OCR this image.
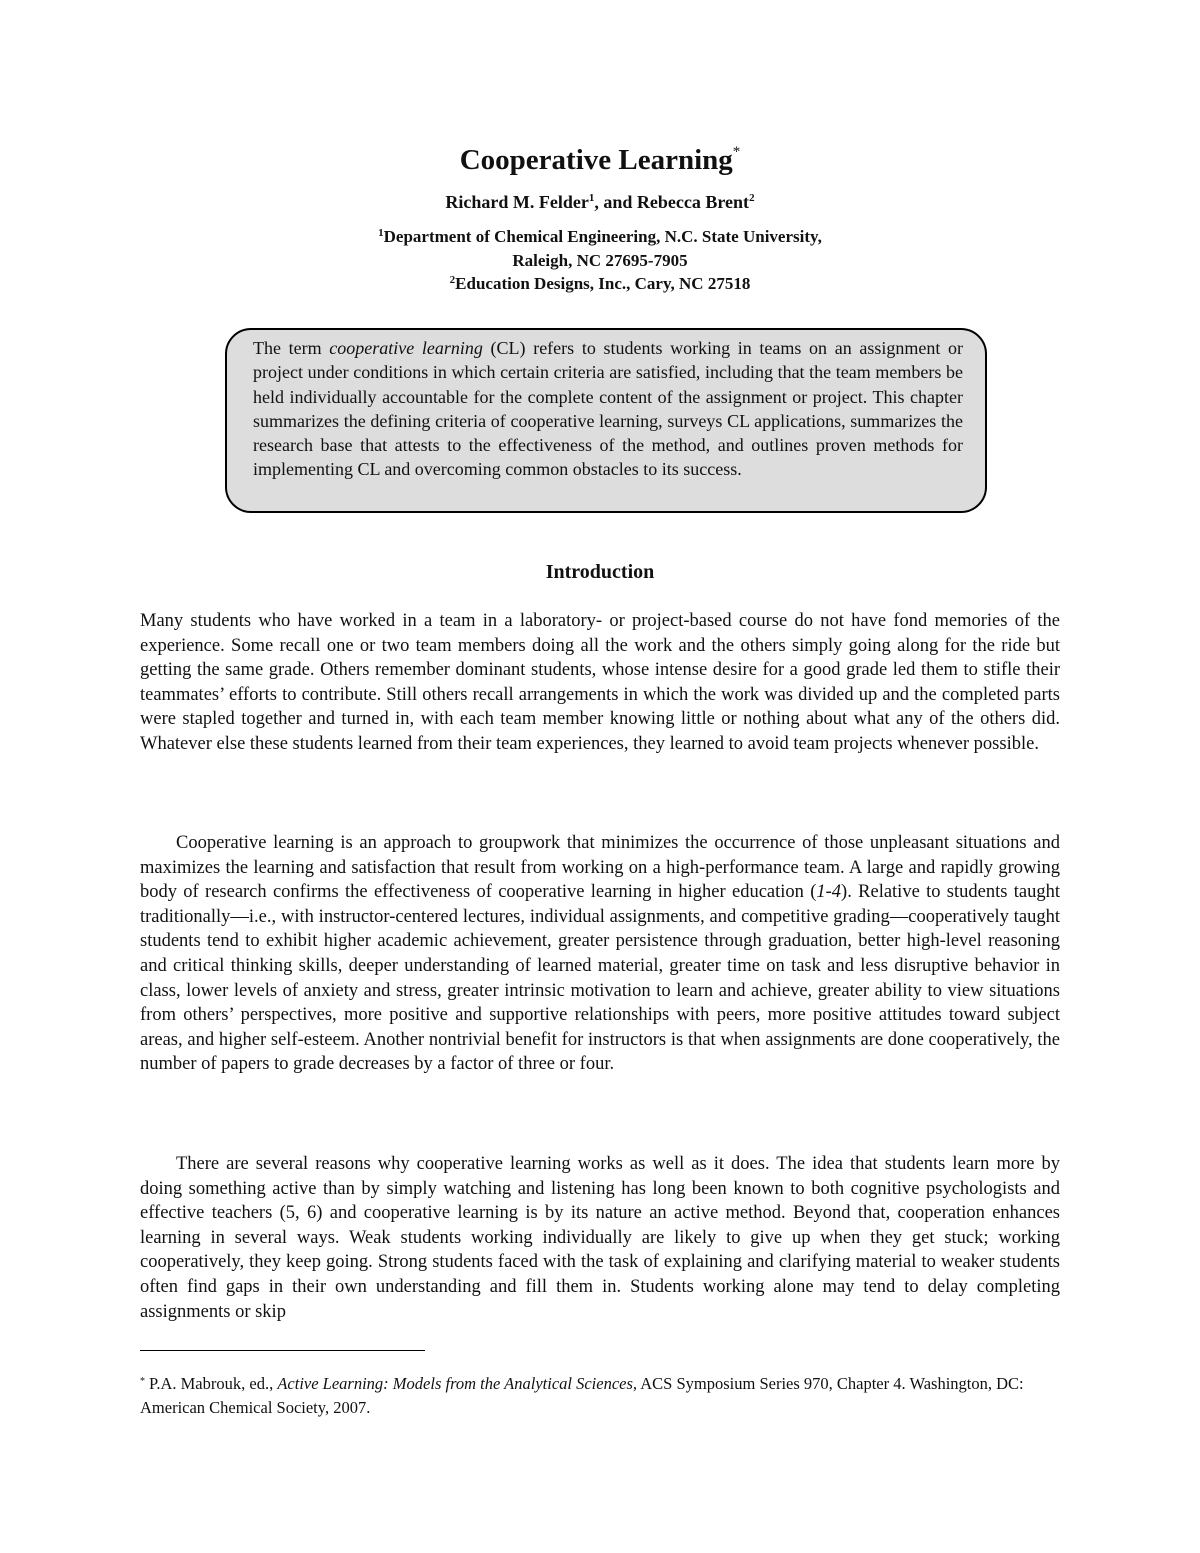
Cooperative Learning*
Richard M. Felder$^1$, and Rebecca Brent$^2$
$^1$Department of Chemical Engineering, N.C. State University,
Raleigh, NC 27695-7905
$^2$Education Designs, Inc., Cary, NC 27518
The term cooperative learning (CL) refers to students working in teams on an assignment or project under conditions in which certain criteria are satisfied, including that the team members be held individually accountable for the complete content of the assignment or project. This chapter summarizes the defining criteria of cooperative learning, surveys CL applications, summarizes the research base that attests to the effectiveness of the method, and outlines proven methods for implementing CL and overcoming common obstacles to its success.
Introduction

Many students who have worked in a team in a laboratory- or project-based course do not have fond memories of the experience. Some recall one or two team members doing all the work and the others simply going along for the ride but getting the same grade. Others remember dominant students, whose intense desire for a good grade led them to stifle their teammates’ efforts to contribute. Still others recall arrangements in which the work was divided up and the completed parts were stapled together and turned in, with each team member knowing little or nothing about what any of the others did. Whatever else these students learned from their team experiences, they learned to avoid team projects whenever possible.

Cooperative learning is an approach to groupwork that minimizes the occurrence of those unpleasant situations and maximizes the learning and satisfaction that result from working on a high-performance team. A large and rapidly growing body of research confirms the effectiveness of cooperative learning in higher education (1-4). Relative to students taught traditionally—i.e., with instructor-centered lectures, individual assignments, and competitive grading—cooperatively taught students tend to exhibit higher academic achievement, greater persistence through graduation, better high-level reasoning and critical thinking skills, deeper understanding of learned material, greater time on task and less disruptive behavior in class, lower levels of anxiety and stress, greater intrinsic motivation to learn and achieve, greater ability to view situations from others’ perspectives, more positive and supportive relationships with peers, more positive attitudes toward subject areas, and higher self-esteem. Another nontrivial benefit for instructors is that when assignments are done cooperatively, the number of papers to grade decreases by a factor of three or four.

There are several reasons why cooperative learning works as well as it does. The idea that students learn more by doing something active than by simply watching and listening has long been known to both cognitive psychologists and effective teachers (5, 6) and cooperative learning is by its nature an active method. Beyond that, cooperation enhances learning in several ways. Weak students working individually are likely to give up when they get stuck; working cooperatively, they keep going. Strong students faced with the task of explaining and clarifying material to weaker students often find gaps in their own understanding and fill them in. Students working alone may tend to delay completing assignments or skip

* P.A. Mabrouk, ed., Active Learning: Models from the Analytical Sciences, ACS Symposium Series 970, Chapter 4. Washington, DC: American Chemical Society, 2007.
